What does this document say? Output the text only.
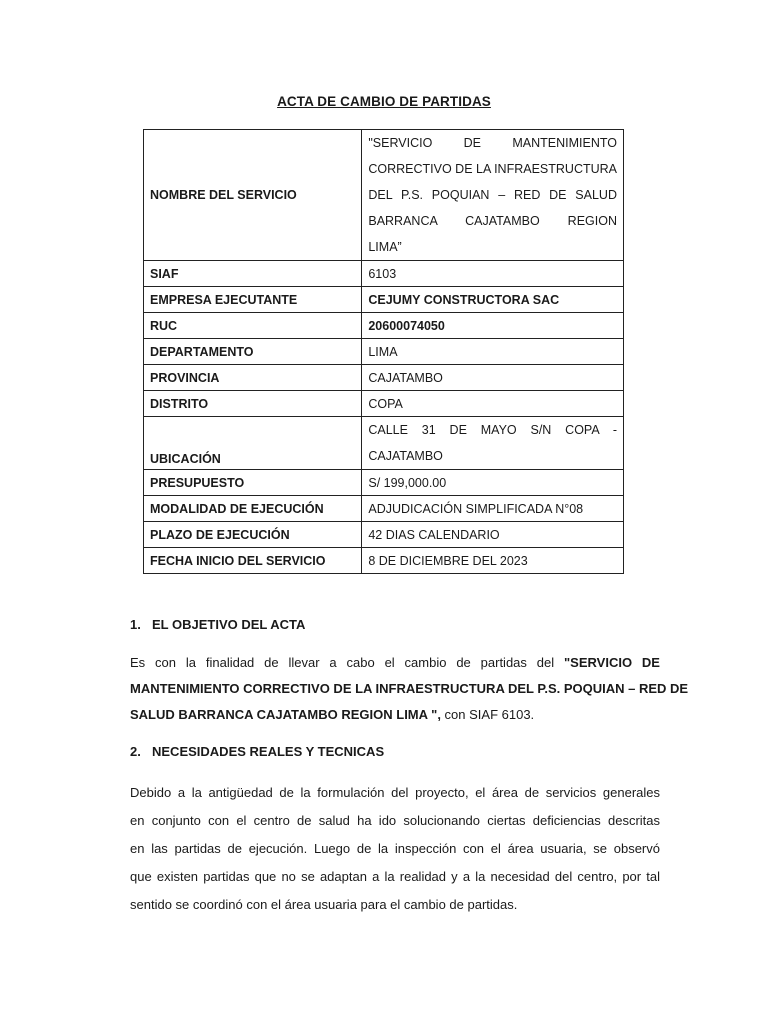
ACTA DE CAMBIO DE PARTIDAS
NOMBRE DEL SERVICIO	"SERVICIO DE MANTENIMIENTO
CORRECTIVO DE LA INFRAESTRUCTURA
DEL P.S. POQUIAN – RED DE SALUD
BARRANCA CAJATAMBO REGION
LIMA”

SIAF	6103
EMPRESA EJECUTANTE	CEJUMY CONSTRUCTORA SAC
RUC	20600074050
DEPARTAMENTO	LIMA
PROVINCIA	CAJATAMBO
DISTRITO	COPA
UBICACIÓN	CALLE 31 DE MAYO S/N COPA -
CAJATAMBO

PRESUPUESTO	S/ 199,000.00
MODALIDAD DE EJECUCIÓN	ADJUDICACIÓN SIMPLIFICADA N°08
PLAZO DE EJECUCIÓN	42 DIAS CALENDARIO
FECHA INICIO DEL SERVICIO	8 DE DICIEMBRE DEL 2023
1. EL OBJETIVO DEL ACTA
Es con la finalidad de llevar a cabo el cambio de partidas del "SERVICIO DE
MANTENIMIENTO CORRECTIVO DE LA INFRAESTRUCTURA DEL P.S. POQUIAN – RED DE
SALUD BARRANCA CAJATAMBO REGION LIMA ", con SIAF 6103.
2. NECESIDADES REALES Y TECNICAS
Debido a la antigüedad de la formulación del proyecto, el área de servicios generales
en conjunto con el centro de salud ha ido solucionando ciertas deficiencias descritas
en las partidas de ejecución. Luego de la inspección con el área usuaria, se observó
que existen partidas que no se adaptan a la realidad y a la necesidad del centro, por tal
sentido se coordinó con el área usuaria para el cambio de partidas.
